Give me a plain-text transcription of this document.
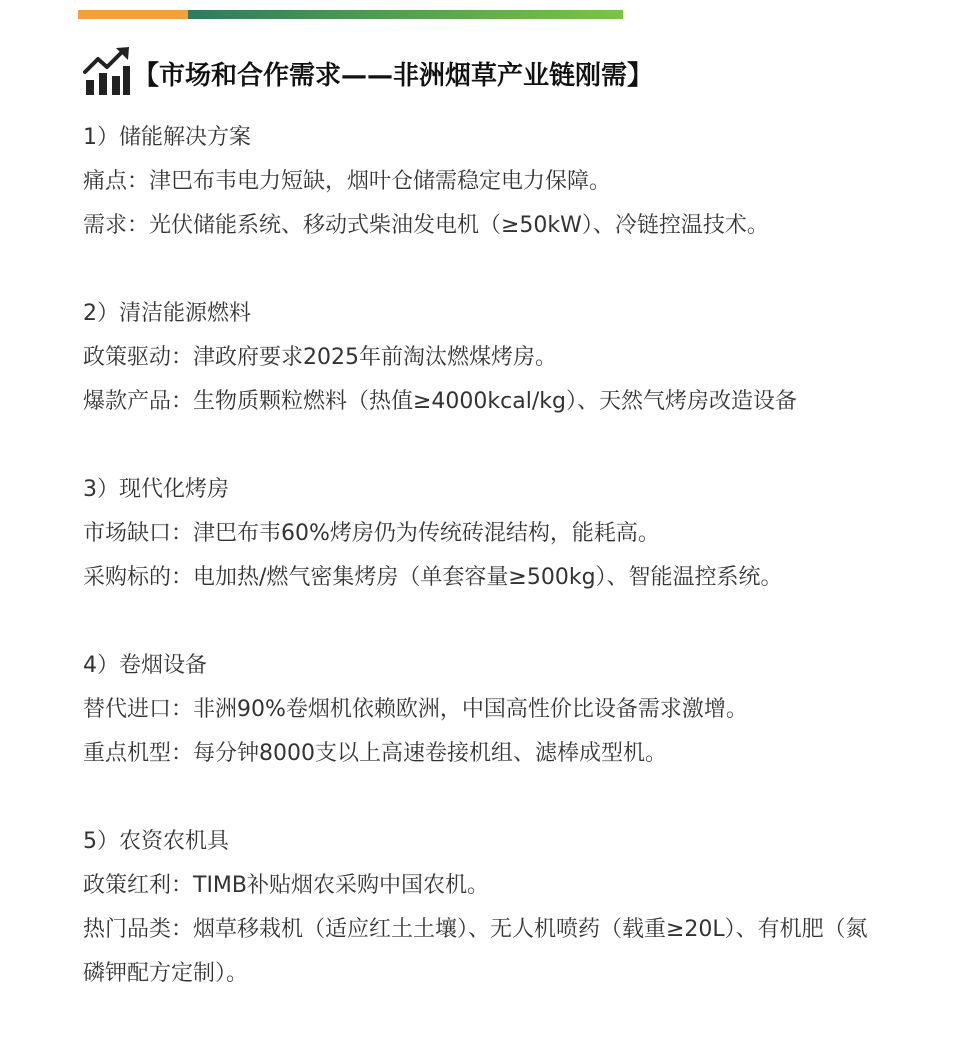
【市场和合作需求——非洲烟草产业链刚需】

1）储能解决方案

痛点：津巴布韦电力短缺，烟叶仓储需稳定电力保障。

需求：光伏储能系统、移动式柴油发电机（≥50kW）、冷链控温技术。

2）清洁能源燃料

政策驱动：津政府要求2025年前淘汰燃煤烤房。

爆款产品：生物质颗粒燃料（热值≥4000kcal/kg）、天然气烤房改造设备

3）现代化烤房

市场缺口：津巴布韦60%烤房仍为传统砖混结构，能耗高。

采购标的：电加热/燃气密集烤房（单套容量≥500kg）、智能温控系统。

4）卷烟设备

替代进口：非洲90%卷烟机依赖欧洲，中国高性价比设备需求激增。

重点机型：每分钟8000支以上高速卷接机组、滤棒成型机。

5）农资农机具

政策红利：TIMB补贴烟农采购中国农机。

热门品类：烟草移栽机（适应红土土壤）、无人机喷药（载重≥20L）、有机肥（氮磷钾配方定制）。
